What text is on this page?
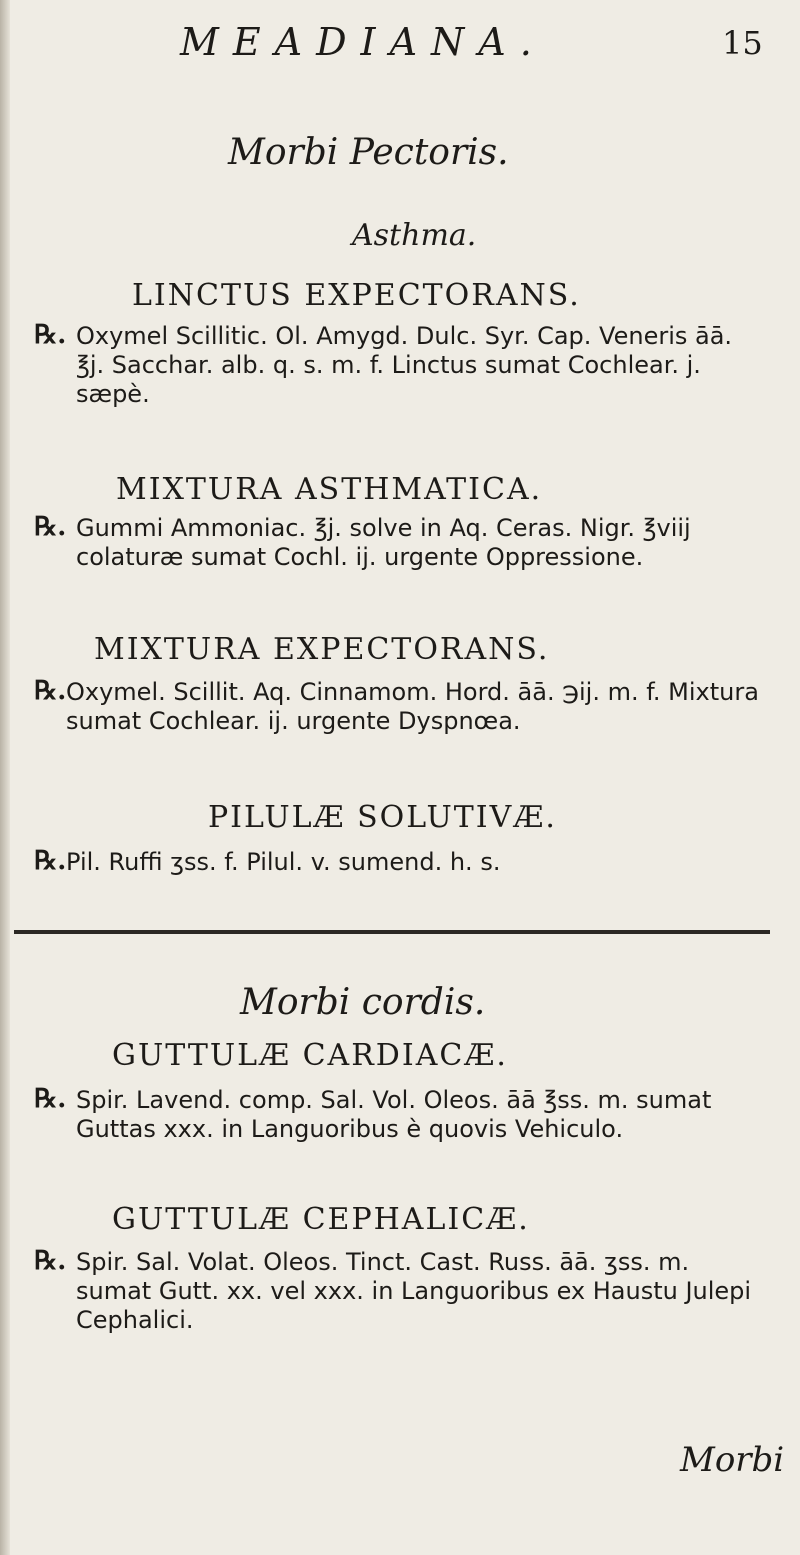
MEADIANA.	15
Morbi Pectoris.
Asthma.
LINCTUS EXPECTORANS.
℞. Oxymel Scillitic. Ol. Amygd. Dulc. Syr. Cap. Veneris āā. ℥j. Sacchar. alb. q. s. m. f. Linctus sumat Cochlear. j. sæpè.
MIXTURA ASTHMATICA.
℞. Gummi Ammoniac. ℥j. solve in Aq. Ceras. Nigr. ℥viij colaturæ sumat Cochl. ij. urgente Oppressione.
MIXTURA EXPECTORANS.
℞. Oxymel. Scillit. Aq. Cinnamom. Hord. āā. ℈ij. m. f. Mixtura sumat Cochlear. ij. urgente Dyspnœa.
PILULÆ SOLUTIVÆ.
℞. Pil. Ruffi ʒss. f. Pilul. v. sumend. h. s.
Morbi cordis.
GUTTULÆ CARDIACÆ.
℞. Spir. Lavend. comp. Sal. Vol. Oleos. āā ℥ss. m. sumat Guttas xxx. in Languoribus è quovis Vehiculo.
GUTTULÆ CEPHALICÆ.
℞. Spir. Sal. Volat. Oleos. Tinct. Cast. Russ. āā. ʒss. m. sumat Gutt. xx. vel xxx. in Languoribus ex Haustu Julepi Cephalici.
Morbi
